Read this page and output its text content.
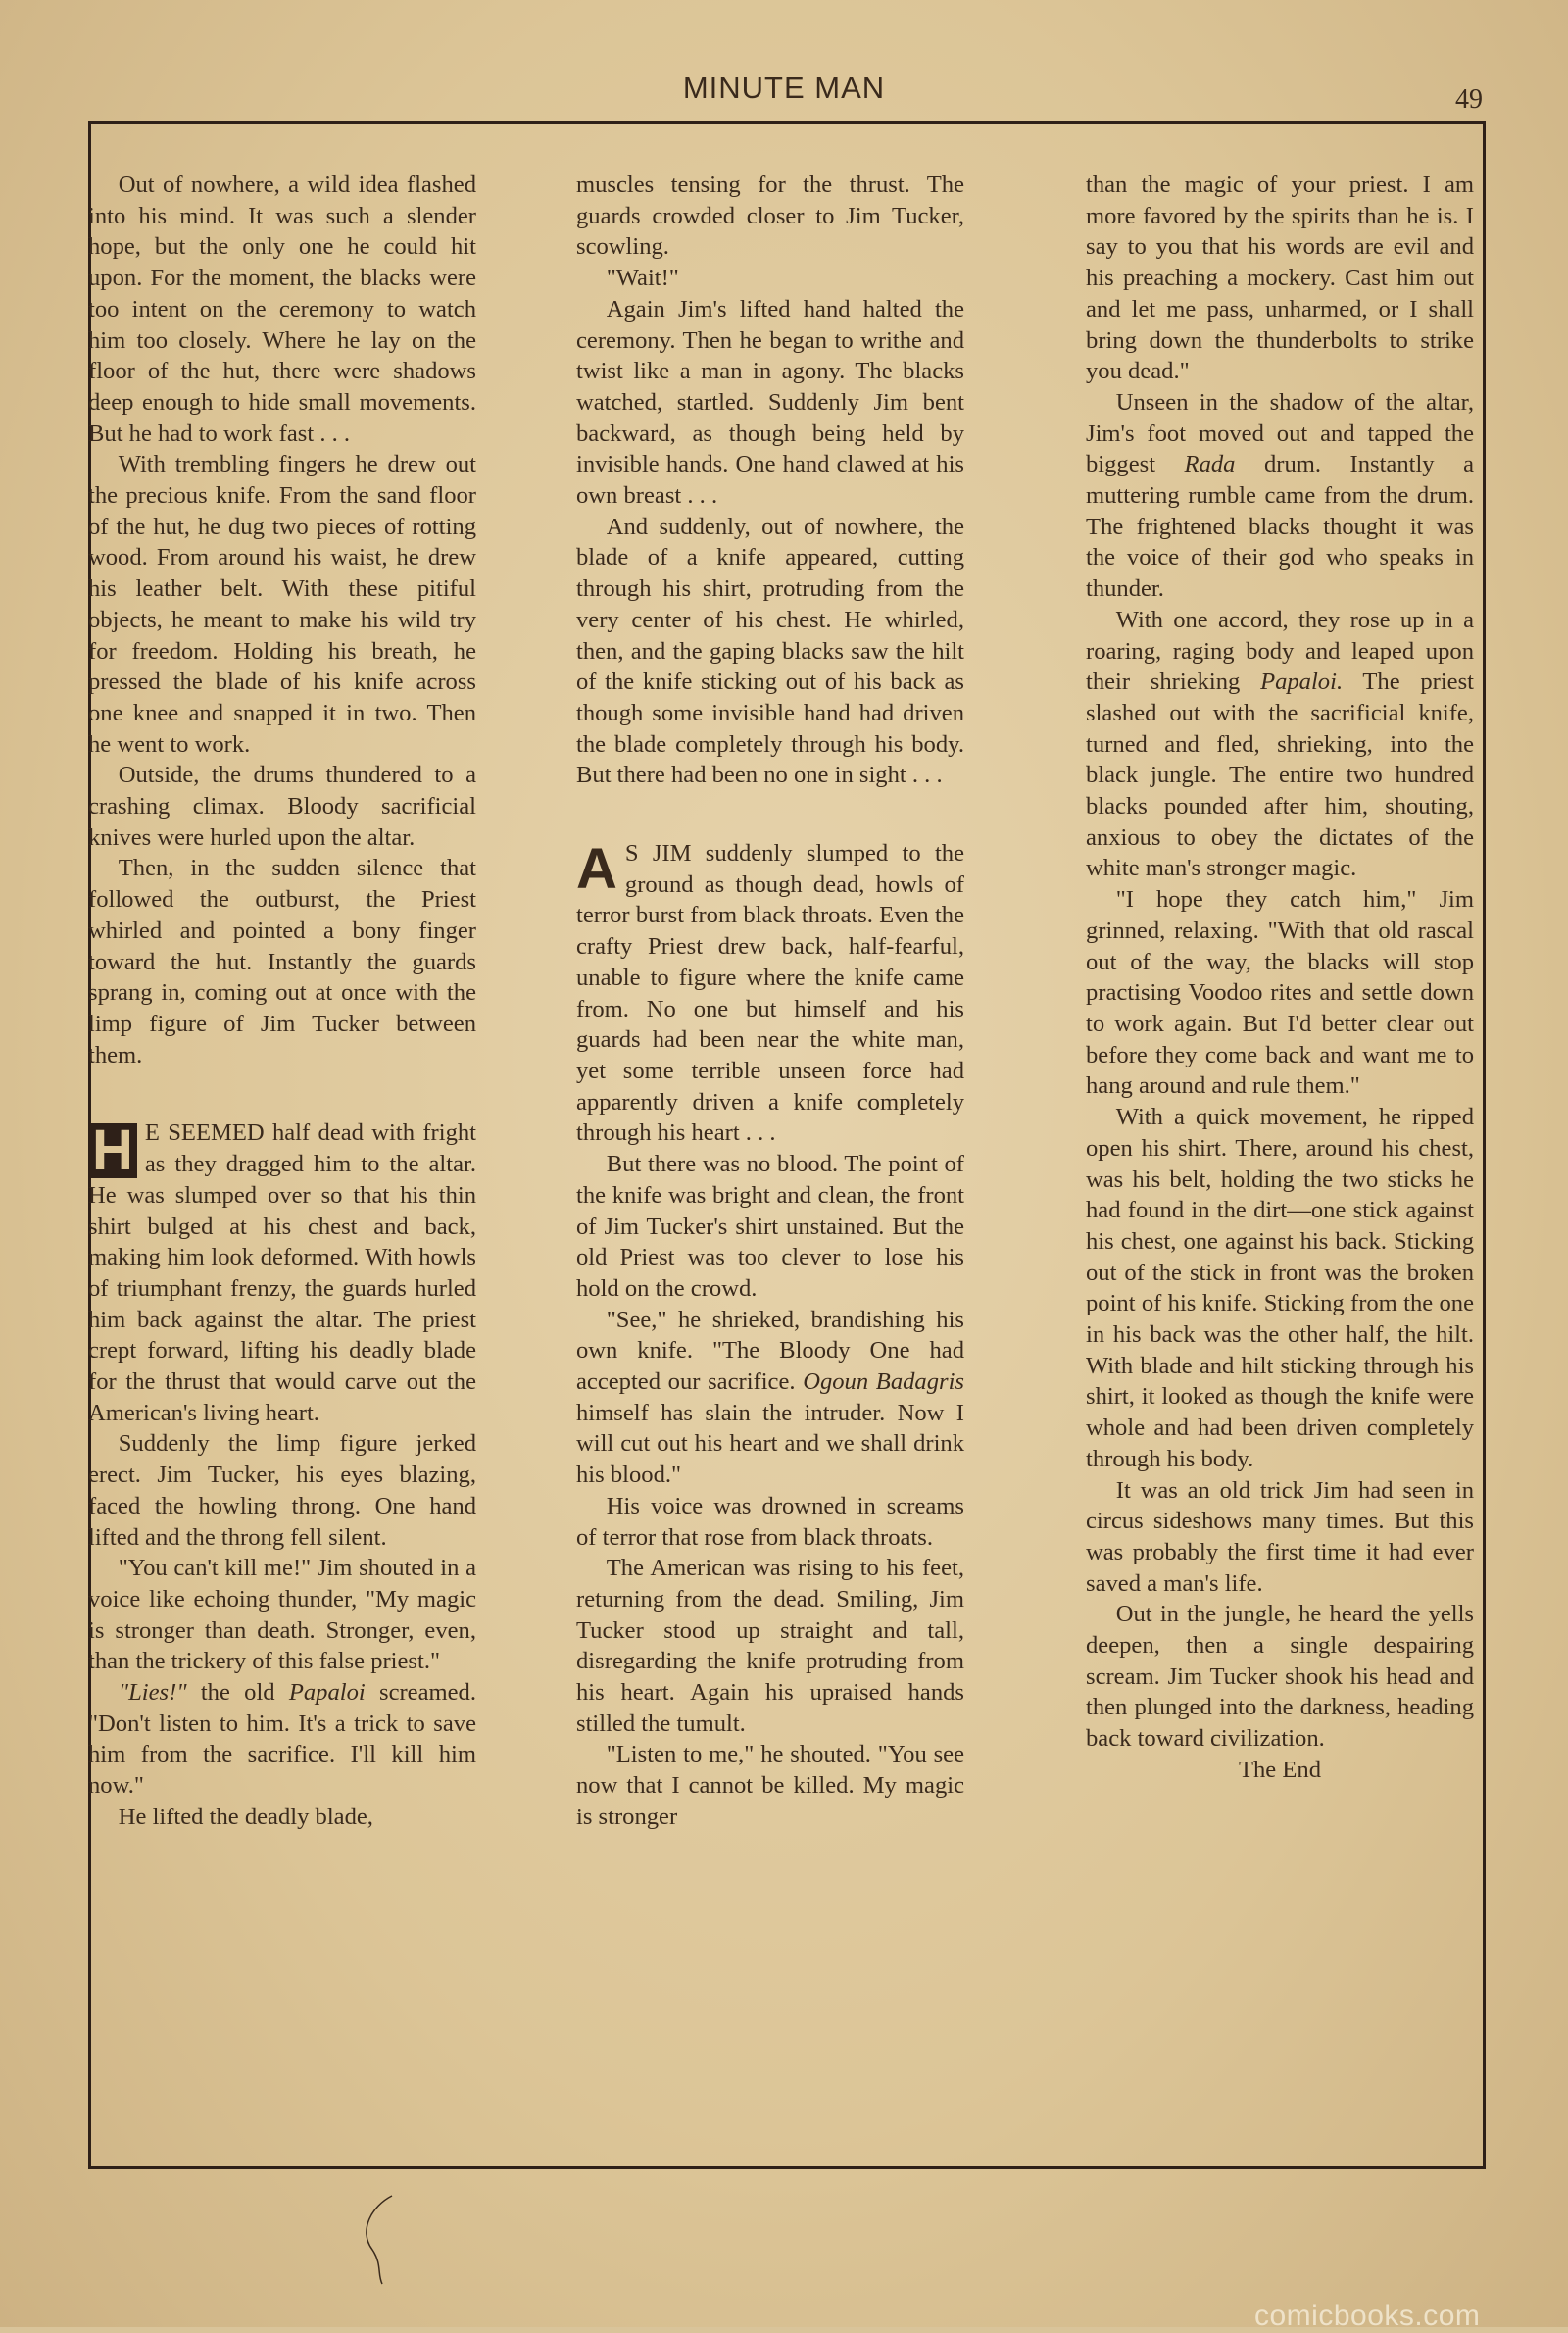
MINUTE MAN	49

Out of nowhere, a wild idea flashed into his mind. It was such a slender hope, but the only one he could hit upon. For the moment, the blacks were too intent on the ceremony to watch him too closely. Where he lay on the floor of the hut, there were shadows deep enough to hide small movements. But he had to work fast . . .

With trembling fingers he drew out the precious knife. From the sand floor of the hut, he dug two pieces of rotting wood. From around his waist, he drew his leather belt. With these pitiful objects, he meant to make his wild try for freedom. Holding his breath, he pressed the blade of his knife across one knee and snapped it in two. Then he went to work.

Outside, the drums thundered to a crashing climax. Bloody sacrificial knives were hurled upon the altar.

Then, in the sudden silence that followed the outburst, the Priest whirled and pointed a bony finger toward the hut. Instantly the guards sprang in, coming out at once with the limp figure of Jim Tucker between them.

H E SEEMED half dead with fright as they dragged him to the altar. He was slumped over so that his thin shirt bulged at his chest and back, making him look deformed. With howls of triumphant frenzy, the guards hurled him back against the altar. The priest crept forward, lifting his deadly blade for the thrust that would carve out the American's living heart.

Suddenly the limp figure jerked erect. Jim Tucker, his eyes blazing, faced the howling throng. One hand lifted and the throng fell silent.

"You can't kill me!" Jim shouted in a voice like echoing thunder, "My magic is stronger than death. Stronger, even, than the trickery of this false priest."

"Lies!" the old Papaloi screamed. "Don't listen to him. It's a trick to save him from the sacrifice. I'll kill him now."

He lifted the deadly blade,

muscles tensing for the thrust. The guards crowded closer to Jim Tucker, scowling.

"Wait!"

Again Jim's lifted hand halted the ceremony. Then he began to writhe and twist like a man in agony. The blacks watched, startled. Suddenly Jim bent backward, as though being held by invisible hands. One hand clawed at his own breast . . .

And suddenly, out of nowhere, the blade of a knife appeared, cutting through his shirt, protruding from the very center of his chest. He whirled, then, and the gaping blacks saw the hilt of the knife sticking out of his back as though some invisible hand had driven the blade completely through his body. But there had been no one in sight . . .

A S JIM suddenly slumped to the ground as though dead, howls of terror burst from black throats. Even the crafty Priest drew back, half-fearful, unable to figure where the knife came from. No one but himself and his guards had been near the white man, yet some terrible unseen force had apparently driven a knife completely through his heart . . .

But there was no blood. The point of the knife was bright and clean, the front of Jim Tucker's shirt unstained. But the old Priest was too clever to lose his hold on the crowd.

"See," he shrieked, brandishing his own knife. "The Bloody One had accepted our sacrifice. Ogoun Badagris himself has slain the intruder. Now I will cut out his heart and we shall drink his blood."

His voice was drowned in screams of terror that rose from black throats.

The American was rising to his feet, returning from the dead. Smiling, Jim Tucker stood up straight and tall, disregarding the knife protruding from his heart. Again his upraised hands stilled the tumult.

"Listen to me," he shouted. "You see now that I cannot be killed. My magic is stronger

than the magic of your priest. I am more favored by the spirits than he is. I say to you that his words are evil and his preaching a mockery. Cast him out and let me pass, unharmed, or I shall bring down the thunderbolts to strike you dead."

Unseen in the shadow of the altar, Jim's foot moved out and tapped the biggest Rada drum. Instantly a muttering rumble came from the drum. The frightened blacks thought it was the voice of their god who speaks in thunder.

With one accord, they rose up in a roaring, raging body and leaped upon their shrieking Papaloi. The priest slashed out with the sacrificial knife, turned and fled, shrieking, into the black jungle. The entire two hundred blacks pounded after him, shouting, anxious to obey the dictates of the white man's stronger magic.

"I hope they catch him," Jim grinned, relaxing. "With that old rascal out of the way, the blacks will stop practising Voodoo rites and settle down to work again. But I'd better clear out before they come back and want me to hang around and rule them."

With a quick movement, he ripped open his shirt. There, around his chest, was his belt, holding the two sticks he had found in the dirt—one stick against his chest, one against his back. Sticking out of the stick in front was the broken point of his knife. Sticking from the one in his back was the other half, the hilt. With blade and hilt sticking through his shirt, it looked as though the knife were whole and had been driven completely through his body.

It was an old trick Jim had seen in circus sideshows many times. But this was probably the first time it had ever saved a man's life.

Out in the jungle, he heard the yells deepen, then a single despairing scream. Jim Tucker shook his head and then plunged into the darkness, heading back toward civilization.

The End

comicbooks.com
